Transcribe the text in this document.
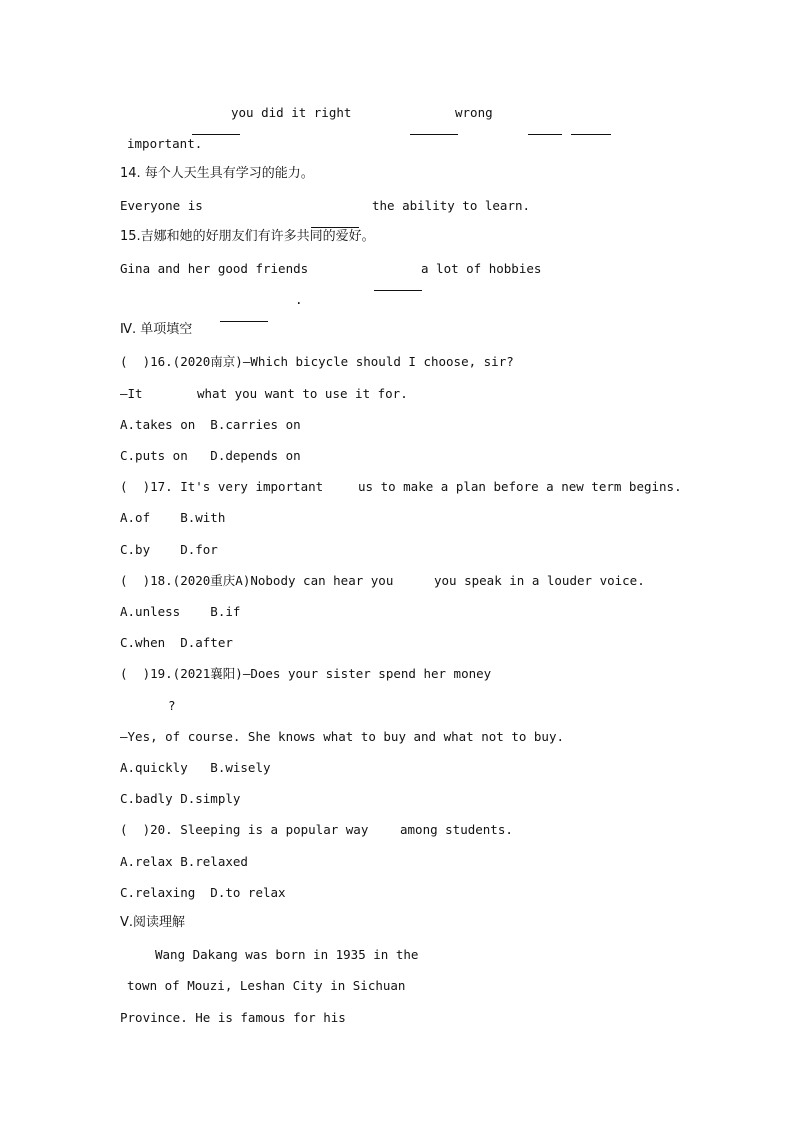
you did it right

	wrong

important.
14. 每个人天生具有学习的能力。
Everyone is

	the ability to learn.
15.吉娜和她的好朋友们有许多共同的爱好。
Gina and her good friends

	a lot of hobbies

.
Ⅳ. 单项填空
(  )16.(2020南京)—Which bicycle should I choose, sir?
—It	what you want to use it for.
A.takes on  B.carries on
C.puts on   D.depends on
(  )17. It's very important	us to make a plan before a new term begins.
A.of    B.with
C.by    D.for
(  )18.(2020重庆A)Nobody can hear you	you speak in a louder voice.
A.unless    B.if
C.when  D.after
(  )19.(2021襄阳)—Does your sister spend her money
?
—Yes, of course. She knows what to buy and what not to buy.
A.quickly   B.wisely
C.badly D.simply
(  )20. Sleeping is a popular way	among students.
A.relax B.relaxed
C.relaxing  D.to relax
Ⅴ.阅读理解
Wang Dakang was born in 1935 in the
town of Mouzi, Leshan City in Sichuan
Province. He is famous for his
